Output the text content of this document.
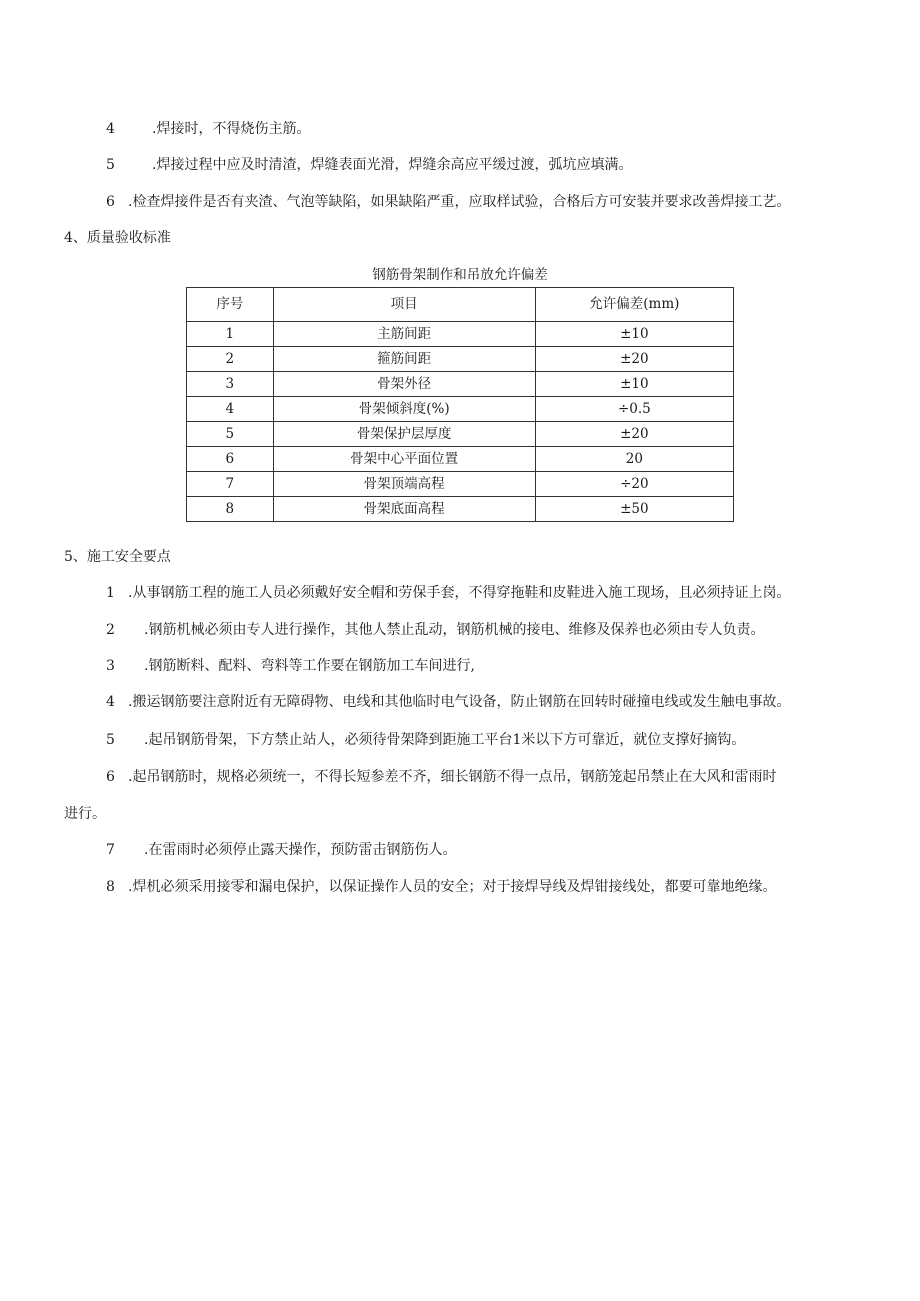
4	.焊接时，不得烧伤主筋。
5	.焊接过程中应及时清渣，焊缝表面光滑，焊缝余高应平缓过渡，弧坑应填满。
6 .检查焊接件是否有夹渣、气泡等缺陷，如果缺陷严重，应取样试验，合格后方可安装并要求改善焊接工艺。
4、质量验收标准
钢筋骨架制作和吊放允许偏差
序号	项目	允许偏差(mm)
1	主筋间距	±10
2	箍筋间距	±20
3	骨架外径	±10
4	骨架倾斜度(%)	÷0.5
5	骨架保护层厚度	±20
6	骨架中心平面位置	20
7	骨架顶端高程	÷20
8	骨架底面高程	±50
5、施工安全要点
1 .从事钢筋工程的施工人员必须戴好安全帽和劳保手套，不得穿拖鞋和皮鞋进入施工现场，且必须持证上岗。
2 .钢筋机械必须由专人进行操作，其他人禁止乱动，钢筋机械的接电、维修及保养也必须由专人负责。
3 .钢筋断料、配料、弯料等工作要在钢筋加工车间进行,
4 .搬运钢筋要注意附近有无障碍物、电线和其他临时电气设备，防止钢筋在回转时碰撞电线或发生触电事故。
5 .起吊钢筋骨架，下方禁止站人，必须待骨架降到距施工平台1米以下方可靠近，就位支撑好摘钩。
6 .起吊钢筋时，规格必须统一，不得长短参差不齐，细长钢筋不得一点吊，钢筋笼起吊禁止在大风和雷雨时
进行。
7 .在雷雨时必须停止露天操作，预防雷击钢筋伤人。
8 .焊机必须采用接零和漏电保护，以保证操作人员的安全；对于接焊导线及焊钳接线处，都要可靠地绝缘。
